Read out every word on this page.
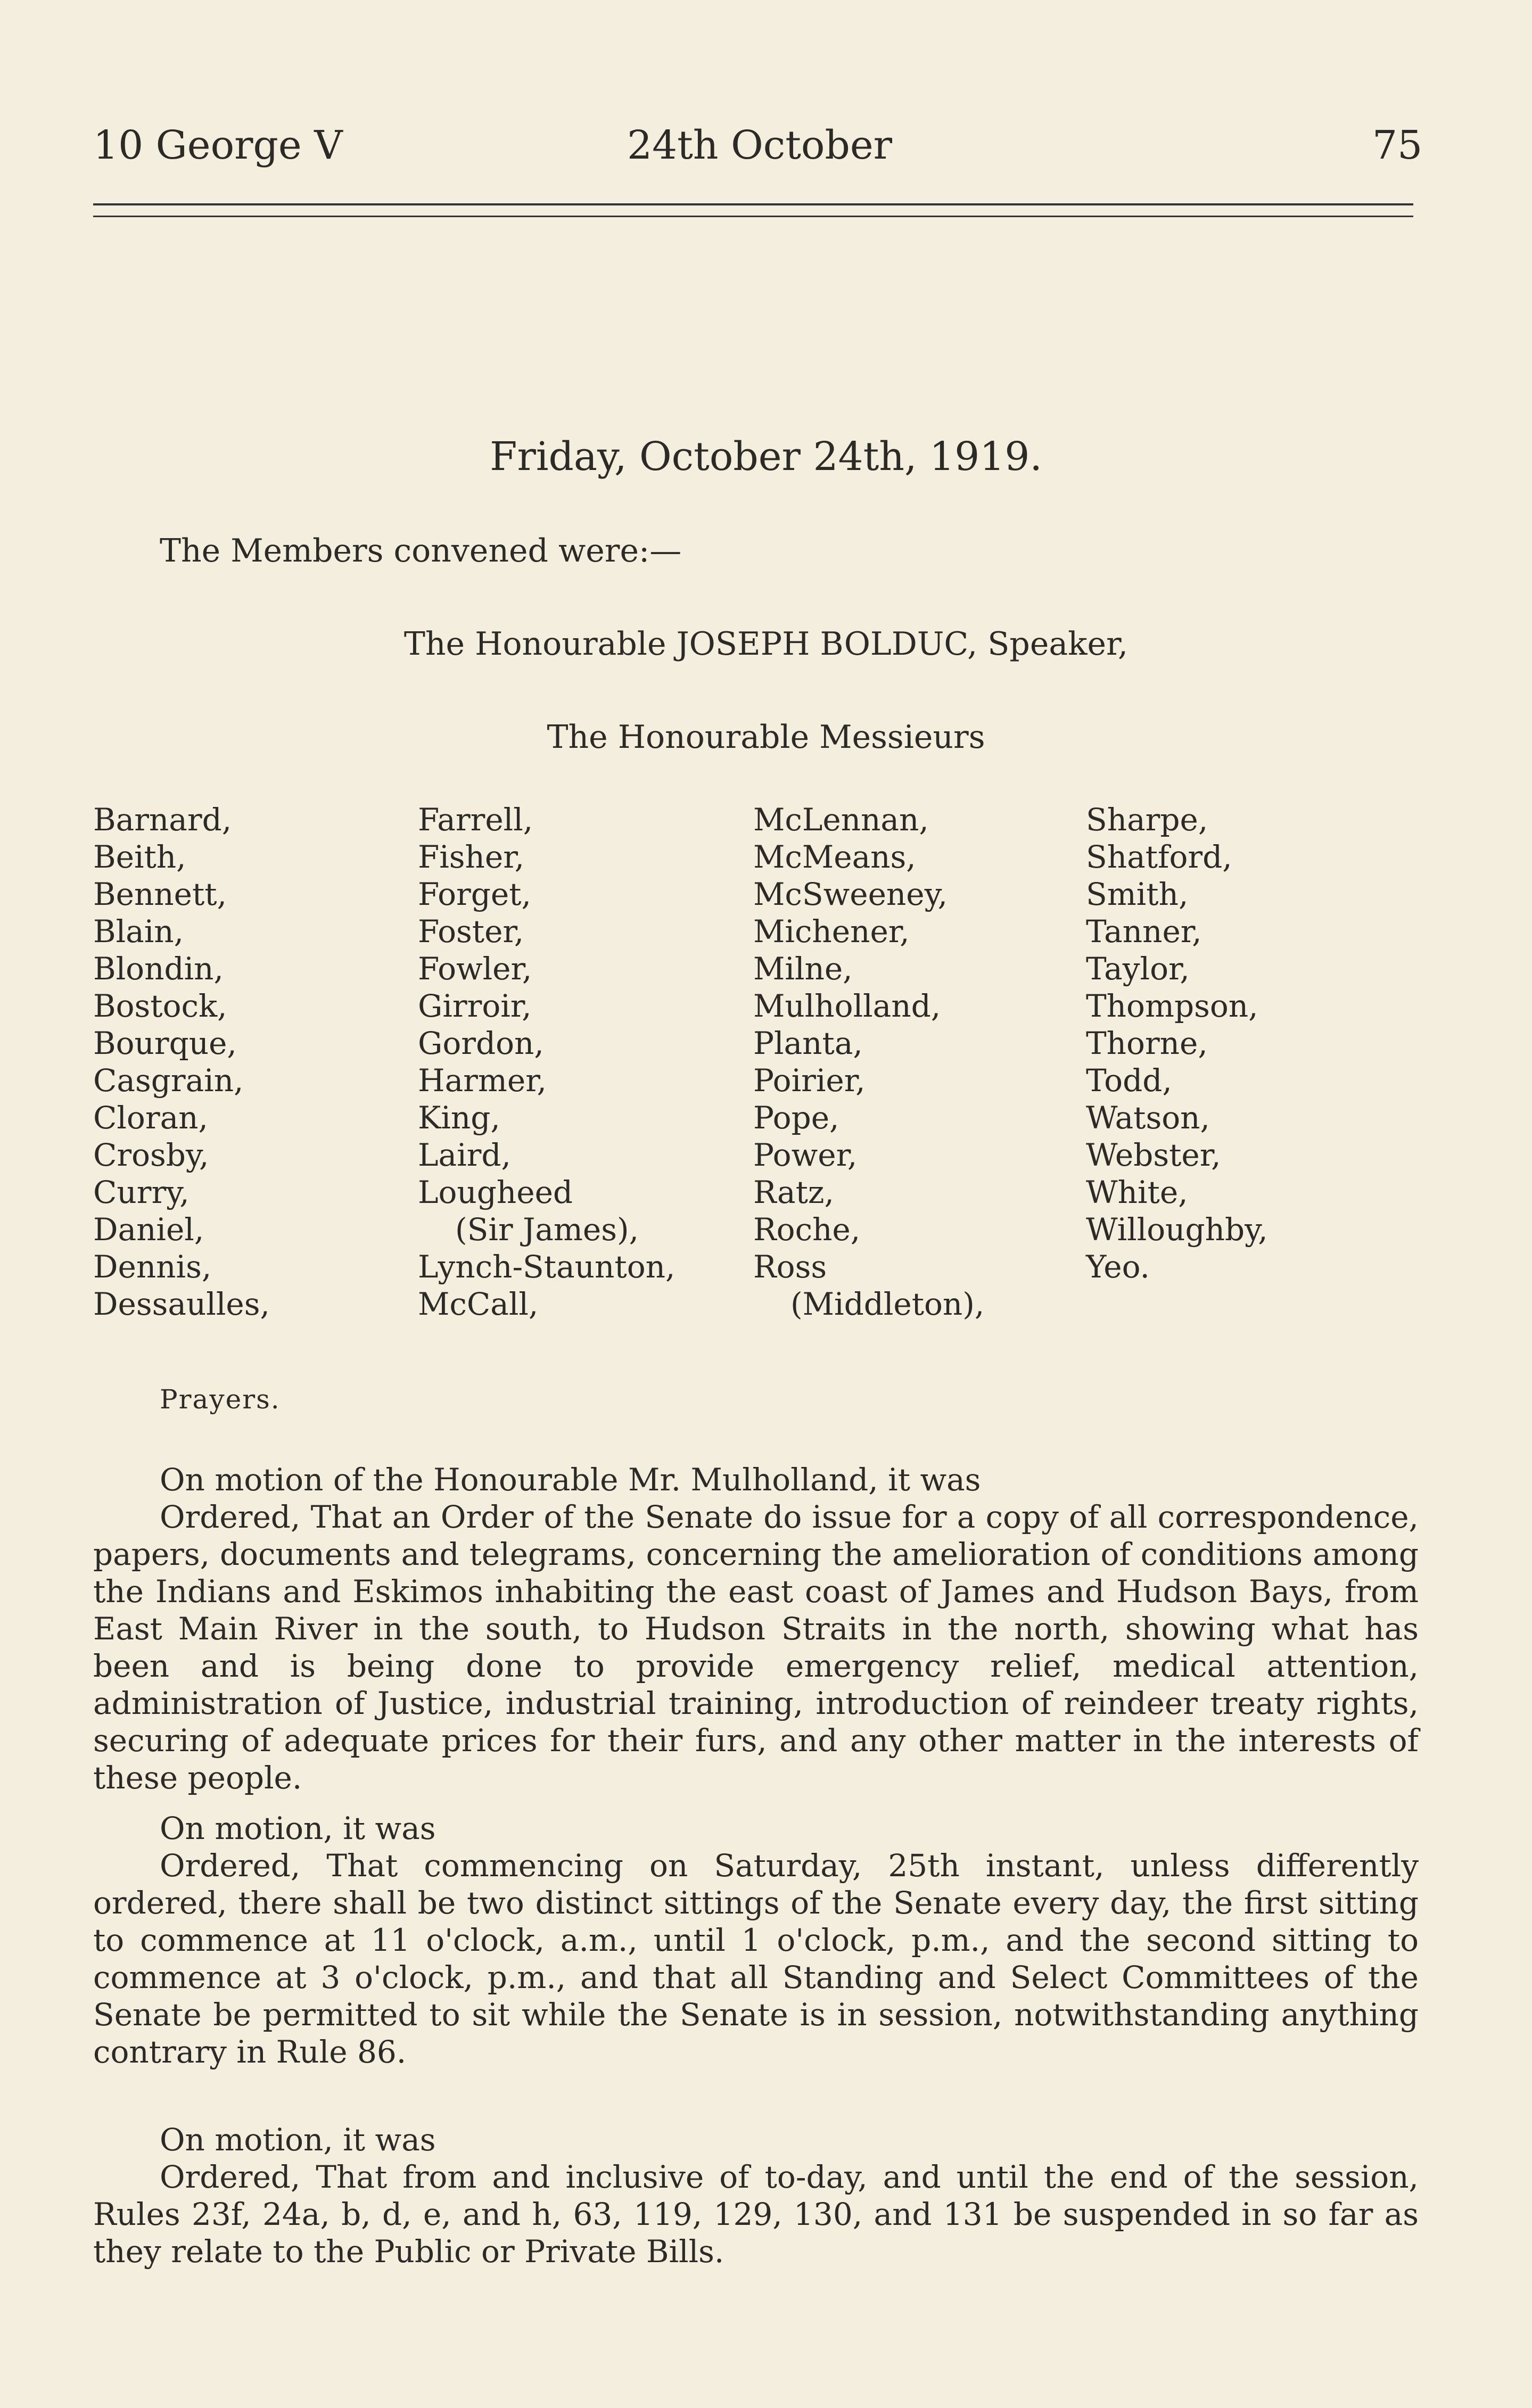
10 George V	24th October	75
Friday, October 24th, 1919.
The Members convened were:—
The Honourable JOSEPH BOLDUC, Speaker,
The Honourable Messieurs
Barnard,
Beith,
Bennett,
Blain,
Blondin,
Bostock,
Bourque,
Casgrain,
Cloran,
Crosby,
Curry,
Daniel,
Dennis,
Dessaulles,
Farrell,
Fisher,
Forget,
Foster,
Fowler,
Girroir,
Gordon,
Harmer,
King,
Laird,
Lougheed
(Sir James),
Lynch-Staunton,
McCall,
McLennan,
McMeans,
McSweeney,
Michener,
Milne,
Mulholland,
Planta,
Poirier,
Pope,
Power,
Ratz,
Roche,
Ross
(Middleton),
Sharpe,
Shatford,
Smith,
Tanner,
Taylor,
Thompson,
Thorne,
Todd,
Watson,
Webster,
White,
Willoughby,
Yeo.
Prayers.
On motion of the Honourable Mr. Mulholland, it was
Ordered, That an Order of the Senate do issue for a copy of all correspondence, papers, documents and telegrams, concerning the amelioration of conditions among the Indians and Eskimos inhabiting the east coast of James and Hudson Bays, from East Main River in the south, to Hudson Straits in the north, showing what has been and is being done to provide emergency relief, medical attention, administration of Justice, industrial training, introduction of reindeer treaty rights, securing of adequate prices for their furs, and any other matter in the interests of these people.
On motion, it was
Ordered, That commencing on Saturday, 25th instant, unless differently ordered, there shall be two distinct sittings of the Senate every day, the first sitting to commence at 11 o'clock, a.m., until 1 o'clock, p.m., and the second sitting to commence at 3 o'clock, p.m., and that all Standing and Select Committees of the Senate be permitted to sit while the Senate is in session, notwithstanding anything contrary in Rule 86.
On motion, it was
Ordered, That from and inclusive of to-day, and until the end of the session, Rules 23f, 24a, b, d, e, and h, 63, 119, 129, 130, and 131 be suspended in so far as they relate to the Public or Private Bills.
